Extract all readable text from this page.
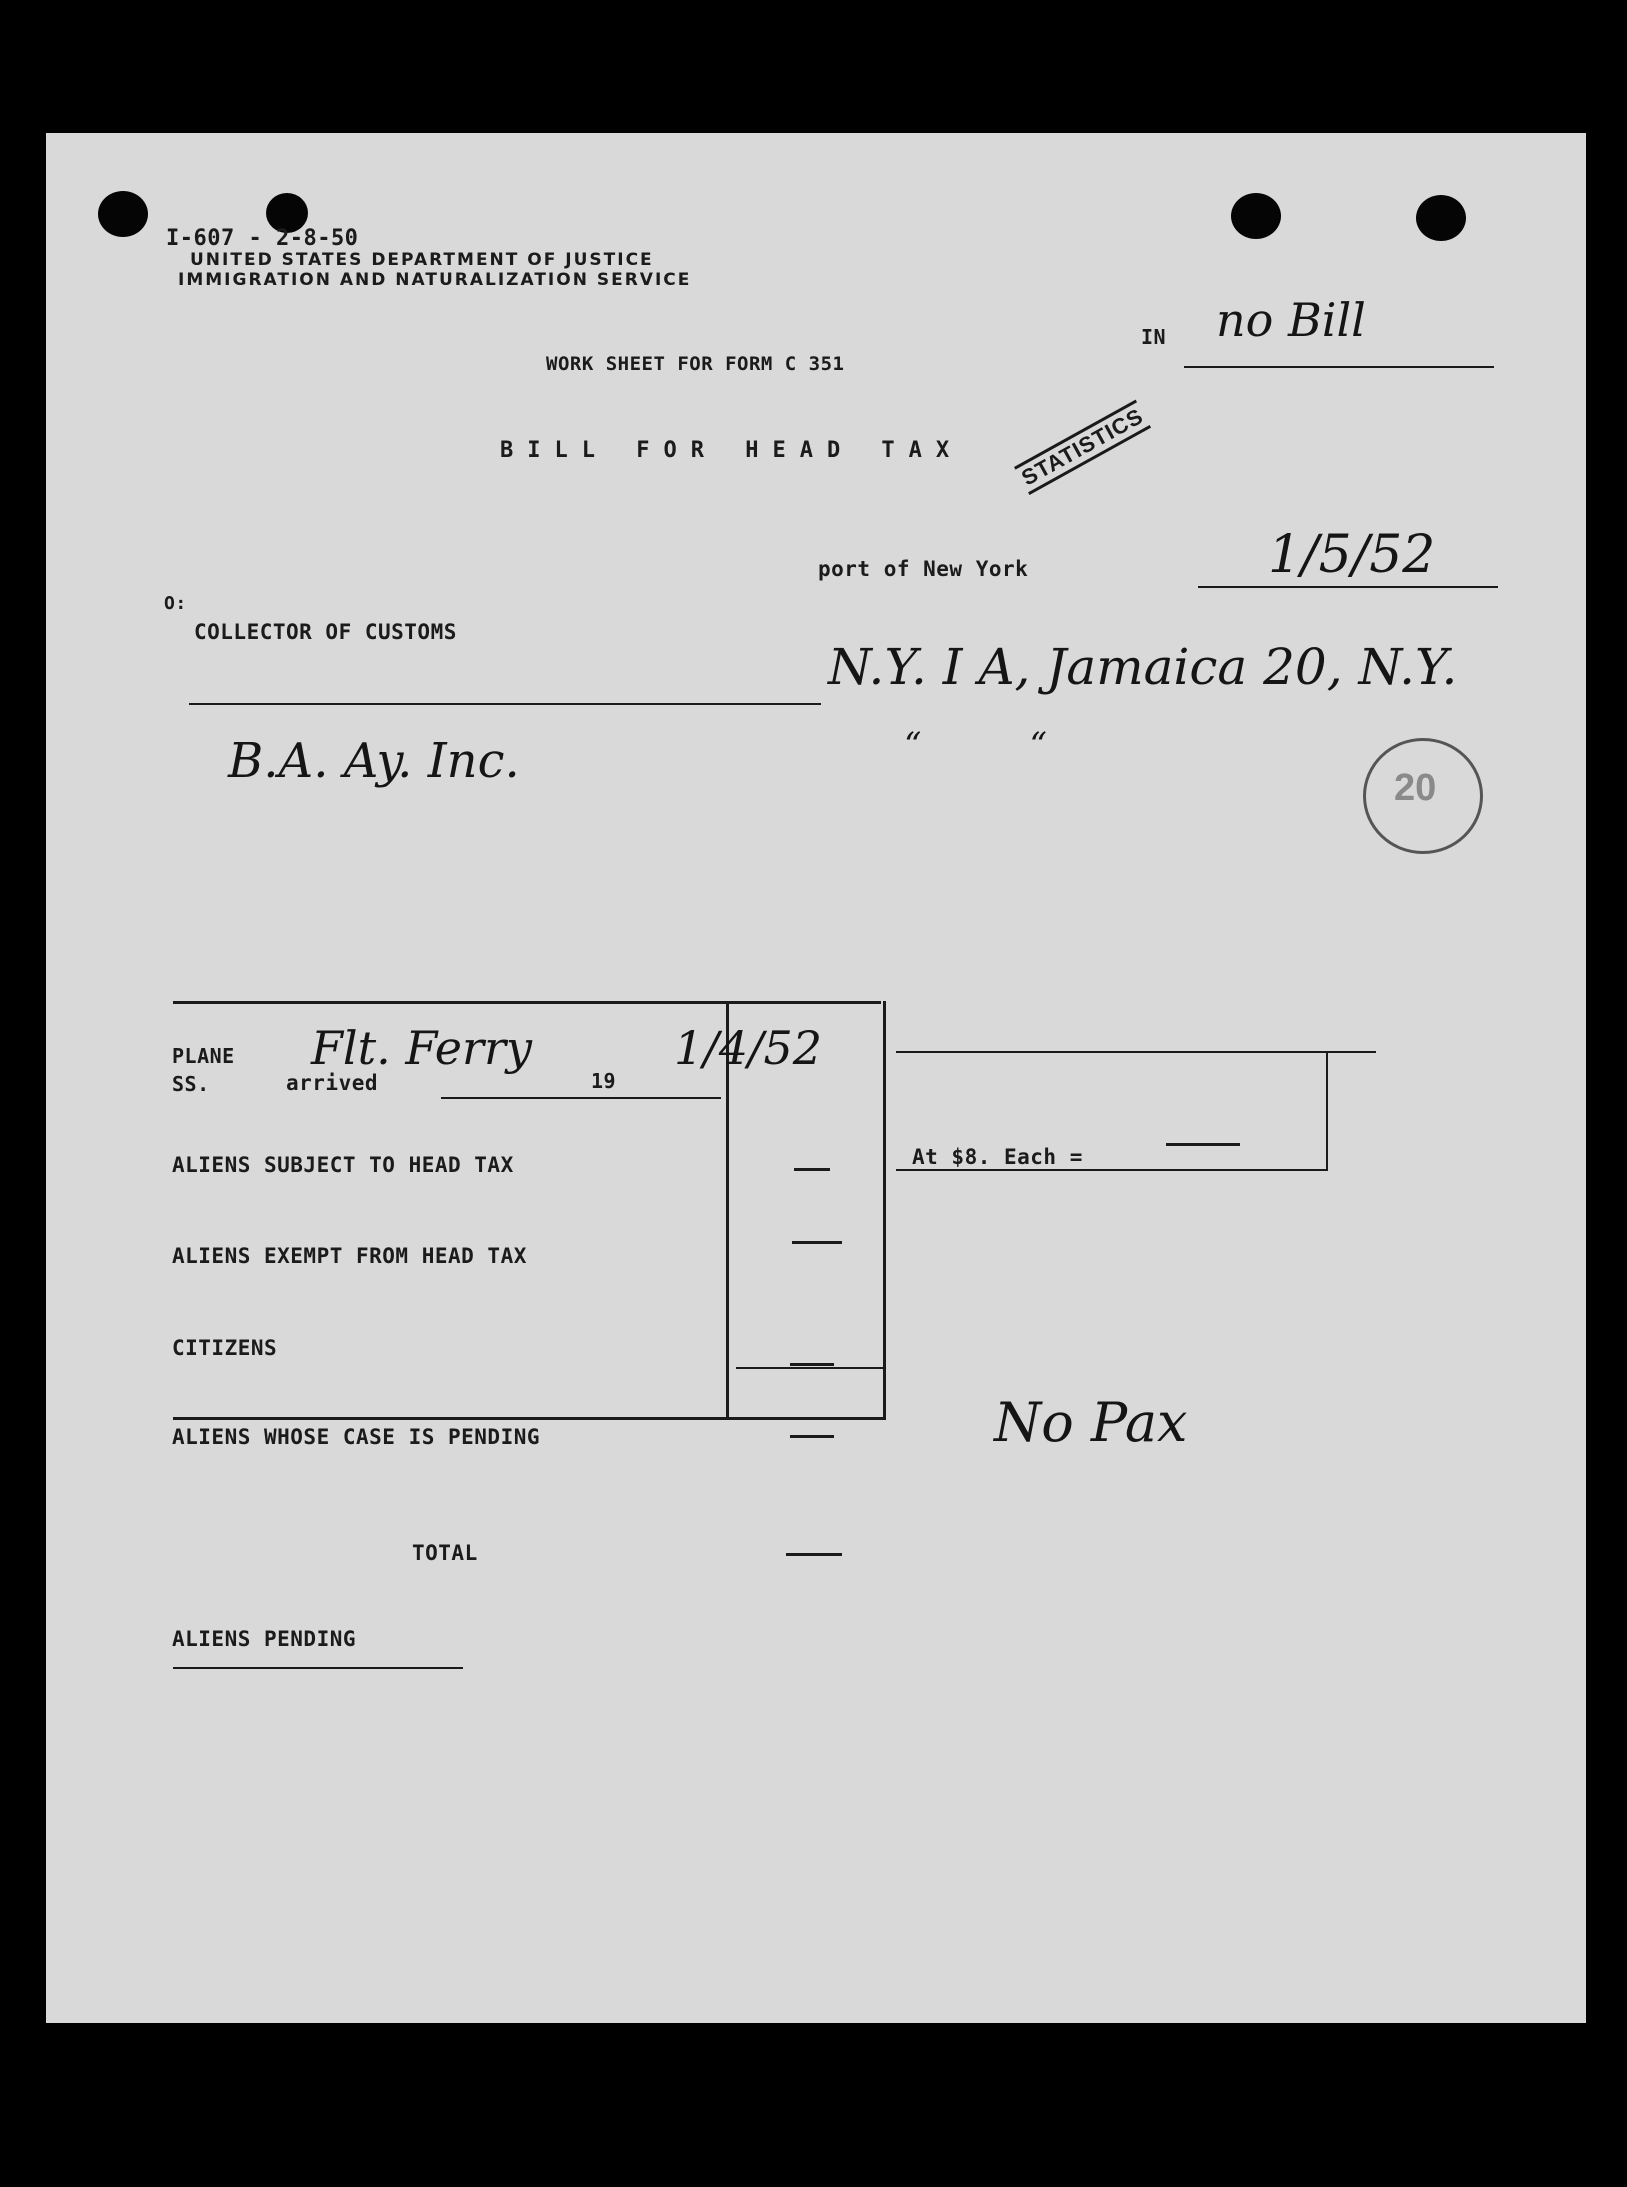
I-607 - 2-8-50
UNITED STATES DEPARTMENT OF JUSTICE
IMMIGRATION AND NATURALIZATION SERVICE
WORK SHEET FOR FORM C 351
IN no Bill
BILL FOR HEAD TAX STATISTICS
port of New York	1/5/52
O:
COLLECTOR OF CUSTOMS
N.Y. I A, Jamaica 20, N.Y.
B.A. Ay. Inc.	“          “
20
PLANE
SS.	arrived	19
Flt. Ferry	1/4/52
ALIENS SUBJECT TO HEAD TAX
ALIENS EXEMPT FROM HEAD TAX
CITIZENS
ALIENS WHOSE CASE IS PENDING
TOTAL
At $8. Each =
No Pax
ALIENS PENDING
